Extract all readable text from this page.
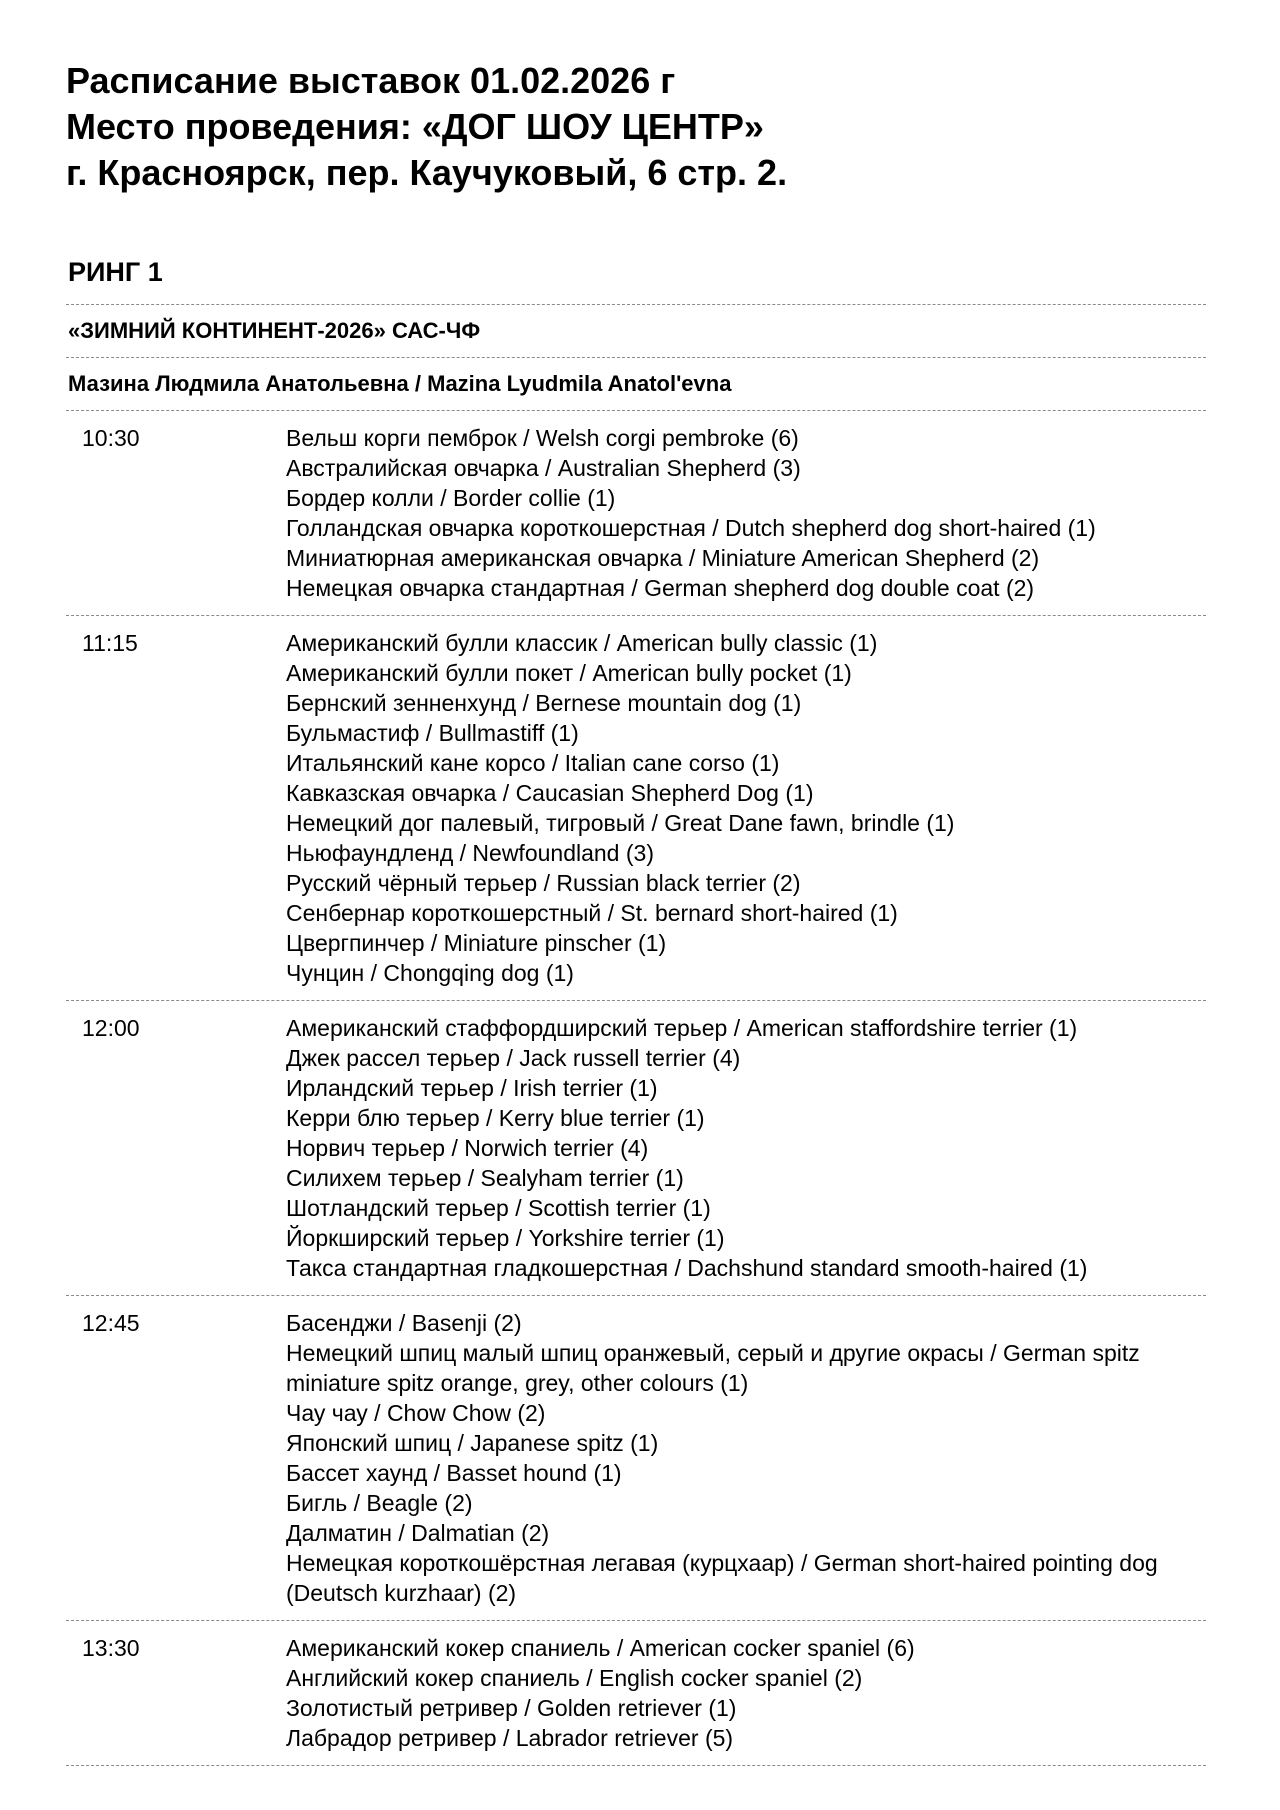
Расписание выставок 01.02.2026 г
Место проведения: «ДОГ ШОУ ЦЕНТР»
г. Красноярск, пер. Каучуковый, 6 стр. 2.
РИНГ 1
«ЗИМНИЙ КОНТИНЕНТ-2026» САС-ЧФ
Мазина Людмила Анатольевна / Mazina Lyudmila Anatol'evna
10:30	Вельш корги пемброк / Welsh corgi pembroke (6)
Австралийская овчарка / Australian Shepherd (3)
Бордер колли / Border collie (1)
Голландская овчарка короткошерстная / Dutch shepherd dog short-haired (1)
Миниатюрная американская овчарка / Miniature American Shepherd (2)
Немецкая овчарка стандартная / German shepherd dog double coat (2)
11:15	Американский булли классик / American bully classic (1)
Американский булли покет / American bully pocket (1)
Бернский зенненхунд / Bernese mountain dog (1)
Бульмастиф / Bullmastiff (1)
Итальянский кане корсо / Italian cane corso (1)
Кавказская овчарка / Caucasian Shepherd Dog (1)
Немецкий дог палевый, тигровый / Great Dane fawn, brindle (1)
Ньюфаундленд / Newfoundland (3)
Русский чёрный терьер / Russian black terrier (2)
Сенбернар короткошерстный / St. bernard short-haired (1)
Цвергпинчер / Miniature pinscher (1)
Чунцин / Chongqing dog (1)
12:00	Американский стаффордширский терьер / American staffordshire terrier (1)
Джек рассел терьер / Jack russell terrier (4)
Ирландский терьер / Irish terrier (1)
Керри блю терьер / Kerry blue terrier (1)
Норвич терьер / Norwich terrier (4)
Силихем терьер / Sealyham terrier (1)
Шотландский терьер / Scottish terrier (1)
Йоркширский терьер / Yorkshire terrier (1)
Такса стандартная гладкошерстная / Dachshund standard smooth-haired (1)
12:45	Басенджи / Basenji (2)
Немецкий шпиц малый шпиц оранжевый, серый и другие окрасы / German spitz miniature spitz orange, grey, other colours (1)
Чау чау / Chow Chow (2)
Японский шпиц / Japanese spitz (1)
Бассет хаунд / Basset hound (1)
Бигль / Beagle (2)
Далматин / Dalmatian (2)
Немецкая короткошёрстная легавая (курцхаар) / German short-haired pointing dog (Deutsch kurzhaar) (2)
13:30	Американский кокер спаниель / American cocker spaniel (6)
Английский кокер спаниель / English cocker spaniel (2)
Золотистый ретривер / Golden retriever (1)
Лабрадор ретривер / Labrador retriever (5)
